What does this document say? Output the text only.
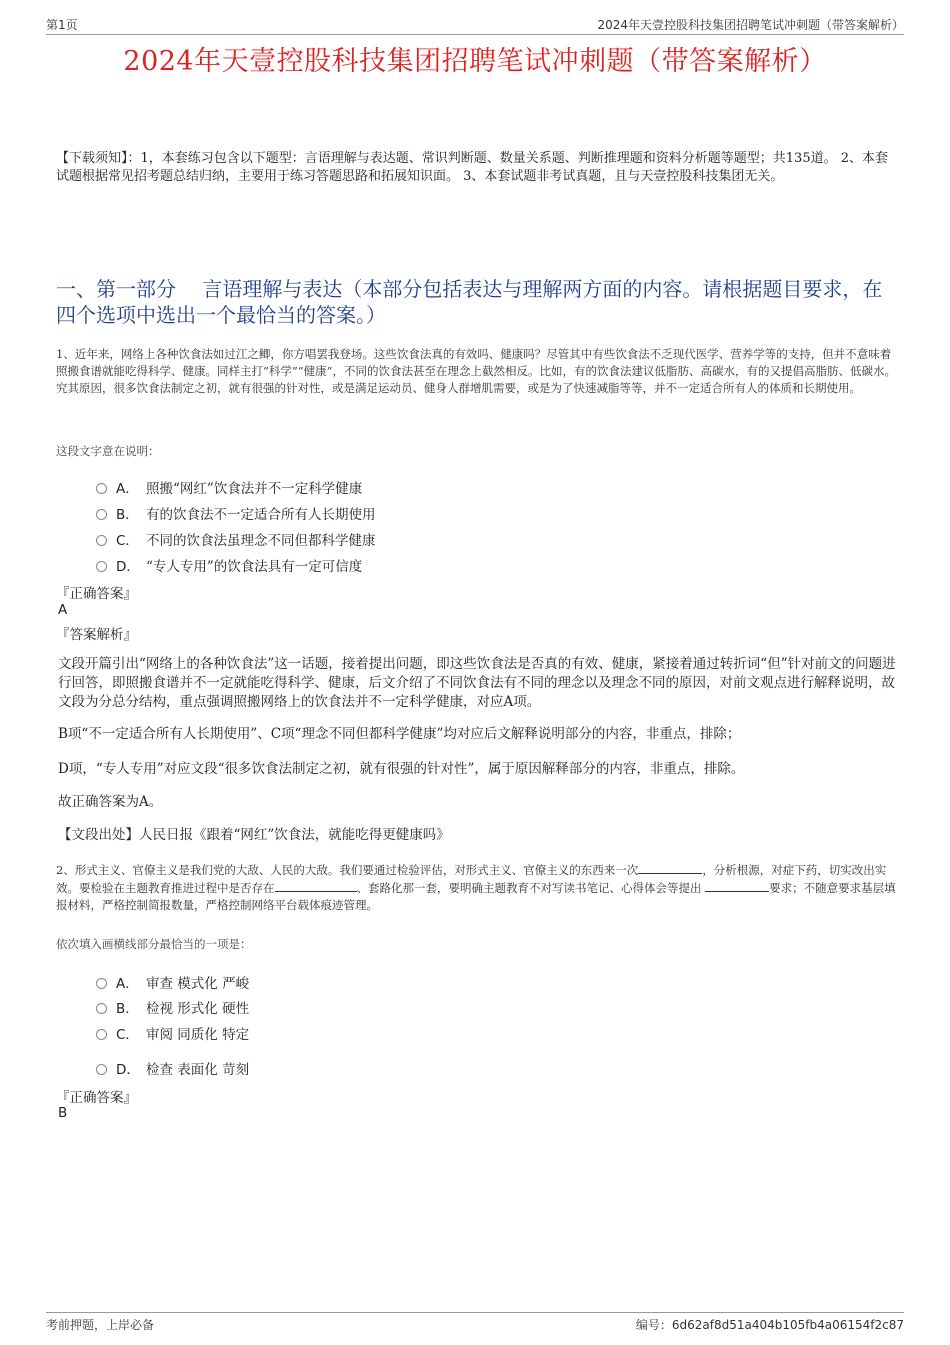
第1页	2024年天壹控股科技集团招聘笔试冲刺题（带答案解析）
2024年天壹控股科技集团招聘笔试冲刺题（带答案解析）
【下载须知】：1，本套练习包含以下题型：言语理解与表达题、常识判断题、数量关系题、判断推理题和资料分析题等题型；共135道。 2、本套试题根据常见招考题总结归纳，主要用于练习答题思路和拓展知识面。 3、本套试题非考试真题，且与天壹控股科技集团无关。
一、第一部分　 言语理解与表达（本部分包括表达与理解两方面的内容。请根据题目要求，在四个选项中选出一个最恰当的答案。）
1、近年来，网络上各种饮食法如过江之鲫，你方唱罢我登场。这些饮食法真的有效吗、健康吗？尽管其中有些饮食法不乏现代医学、营养学等的支持，但并不意味着照搬食谱就能吃得科学、健康。同样主打“科学”“健康”，不同的饮食法甚至在理念上截然相反。比如，有的饮食法建议低脂肪、高碳水，有的又提倡高脂肪、低碳水。究其原因，很多饮食法制定之初，就有很强的针对性，或是满足运动员、健身人群增肌需要，或是为了快速减脂等等，并不一定适合所有人的体质和长期使用。
这段文字意在说明：
A． 照搬“网红”饮食法并不一定科学健康
B． 有的饮食法不一定适合所有人长期使用
C． 不同的饮食法虽理念不同但都科学健康
D． “专人专用”的饮食法具有一定可信度
『正确答案』
A
『答案解析』
文段开篇引出“网络上的各种饮食法”这一话题，接着提出问题，即这些饮食法是否真的有效、健康，紧接着通过转折词“但”针对前文的问题进行回答，即照搬食谱并不一定就能吃得科学、健康，后文介绍了不同饮食法有不同的理念以及理念不同的原因，对前文观点进行解释说明，故文段为分总分结构，重点强调照搬网络上的饮食法并不一定科学健康，对应A项。
B项“不一定适合所有人长期使用”、C项“理念不同但都科学健康”均对应后文解释说明部分的内容，非重点，排除；
D项，“专人专用”对应文段“很多饮食法制定之初，就有很强的针对性”，属于原因解释部分的内容，非重点，排除。
故正确答案为A。
【文段出处】人民日报《跟着“网红”饮食法，就能吃得更健康吗》
2、形式主义、官僚主义是我们党的大敌、人民的大敌。我们要通过检验评估，对形式主义、官僚主义的东西来一次	，分析根源，对症下药，切实改出实效。要检验在主题教育推进过程中是否存在	、套路化那一套，要明确主题教育不对写读书笔记、心得体会等提出	要求；不随意要求基层填报材料，严格控制简报数量，严格控制网络平台载体痕迹管理。
依次填入画横线部分最恰当的一项是：
A． 审查 模式化 严峻
B． 检视 形式化 硬性
C． 审阅 同质化 特定
D． 检查 表面化 苛刻
『正确答案』
B
考前押题，上岸必备	编号：6d62af8d51a404b105fb4a06154f2c87
